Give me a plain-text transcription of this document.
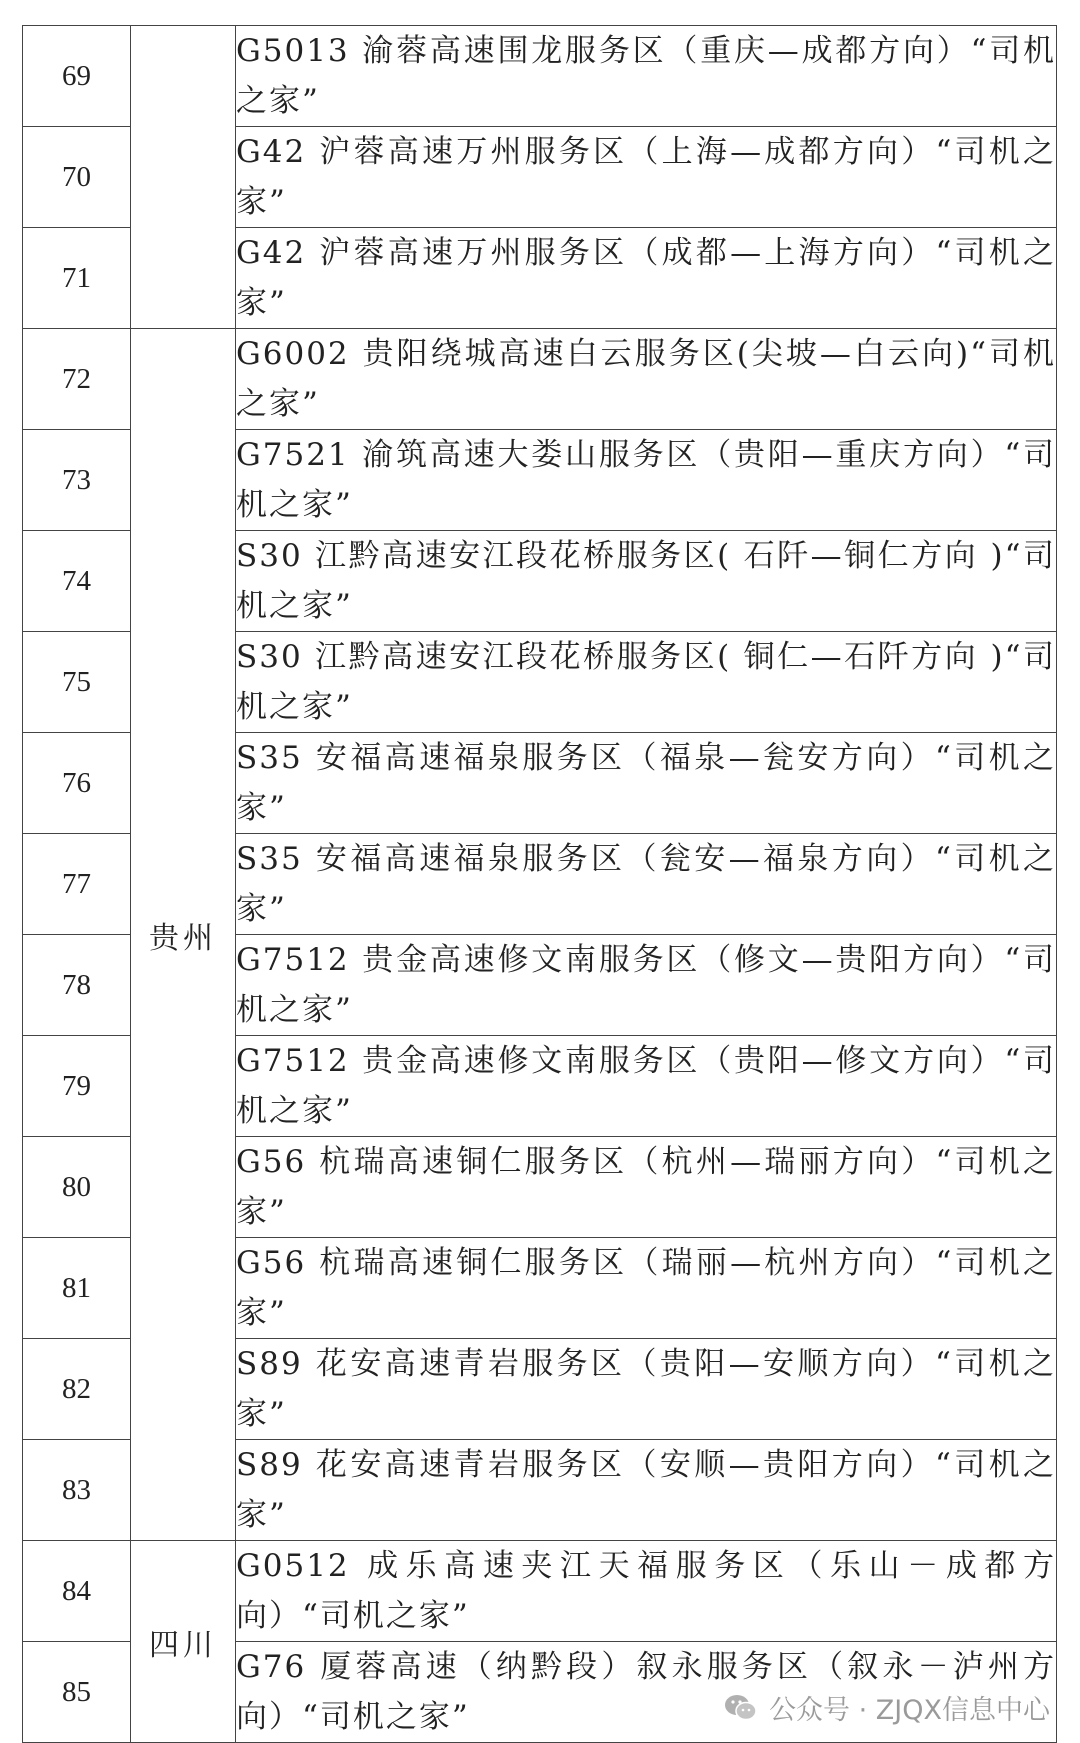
69		G5013 渝蓉高速围龙服务区（重庆—成都方向）“司机之家”
70		G42 沪蓉高速万州服务区（上海—成都方向）“司机之家”
71		G42 沪蓉高速万州服务区（成都—上海方向）“司机之家”
72	贵州	G6002 贵阳绕城高速白云服务区(尖坡—白云向)“司机之家”
73		G7521 渝筑高速大娄山服务区（贵阳—重庆方向）“司机之家”
74		S30 江黔高速安江段花桥服务区( 石阡—铜仁方向 )“司机之家”
75		S30 江黔高速安江段花桥服务区( 铜仁—石阡方向 )“司机之家”
76		S35 安福高速福泉服务区（福泉—瓮安方向）“司机之家”
77		S35 安福高速福泉服务区（瓮安—福泉方向）“司机之家”
78		G7512 贵金高速修文南服务区（修文—贵阳方向）“司机之家”
79		G7512 贵金高速修文南服务区（贵阳—修文方向）“司机之家”
80		G56 杭瑞高速铜仁服务区（杭州—瑞丽方向）“司机之家”
81		G56 杭瑞高速铜仁服务区（瑞丽—杭州方向）“司机之家”
82		S89 花安高速青岩服务区（贵阳—安顺方向）“司机之家”
83		S89 花安高速青岩服务区（安顺—贵阳方向）“司机之家”
84	四川	G0512 成乐高速夹江天福服务区（乐山－成都方向）“司机之家”
85		G76 厦蓉高速（纳黔段）叙永服务区（叙永－泸州方向）“司机之家”	公众号 · ZJQX信息中心
